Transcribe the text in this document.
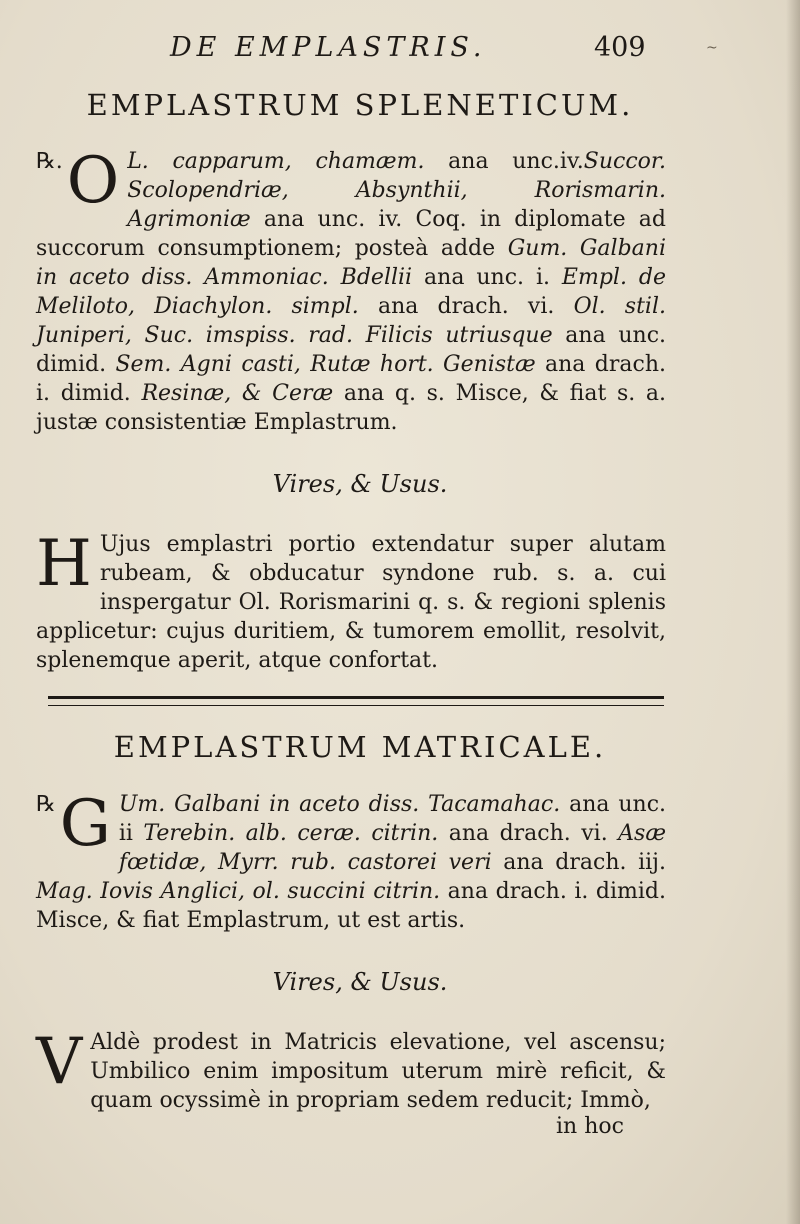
DE EMPLASTRIS.	409	~
EMPLASTRUM SPLENETICUM.
℞. O L. capparum, chamæm. ana unc.iv.Succor. Scolopendriæ, Absynthii, Rorismarin. Agrimoniæ ana unc. iv. Coq. in diplomate ad succorum consumptionem; posteà adde Gum. Galbani in aceto diss. Ammoniac. Bdellii ana unc. i. Empl. de Meliloto, Diachylon. simpl. ana drach. vi. Ol. stil. Juniperi, Suc. imspiss. rad. Filicis utriusque ana unc. dimid. Sem. Agni casti, Rutæ hort. Genistæ ana drach. i. dimid. Resinæ, & Ceræ ana q. s. Misce, & fiat s. a. justæ consistentiæ Emplastrum.
Vires, & Usus.
H Ujus emplastri portio extendatur super alutam rubeam, & obducatur syndone rub. s. a. cui inspergatur Ol. Rorismarini q. s. & regioni splenis applicetur: cujus duritiem, & tumorem emollit, resolvit, splenemque aperit, atque confortat.
EMPLASTRUM MATRICALE.
℞ G Um. Galbani in aceto diss. Tacamahac. ana unc. ii Terebin. alb. ceræ. citrin. ana drach. vi. Asæ fœtidæ, Myrr. rub. castorei veri ana drach. iij. Mag. Iovis Anglici, ol. succini citrin. ana drach. i. dimid. Misce, & fiat Emplastrum, ut est artis.
Vires, & Usus.
V Aldè prodest in Matricis elevatione, vel ascensu; Umbilico enim impositum uterum mirè reficit, & quam ocyssimè in propriam sedem reducit; Immò,
in hoc
